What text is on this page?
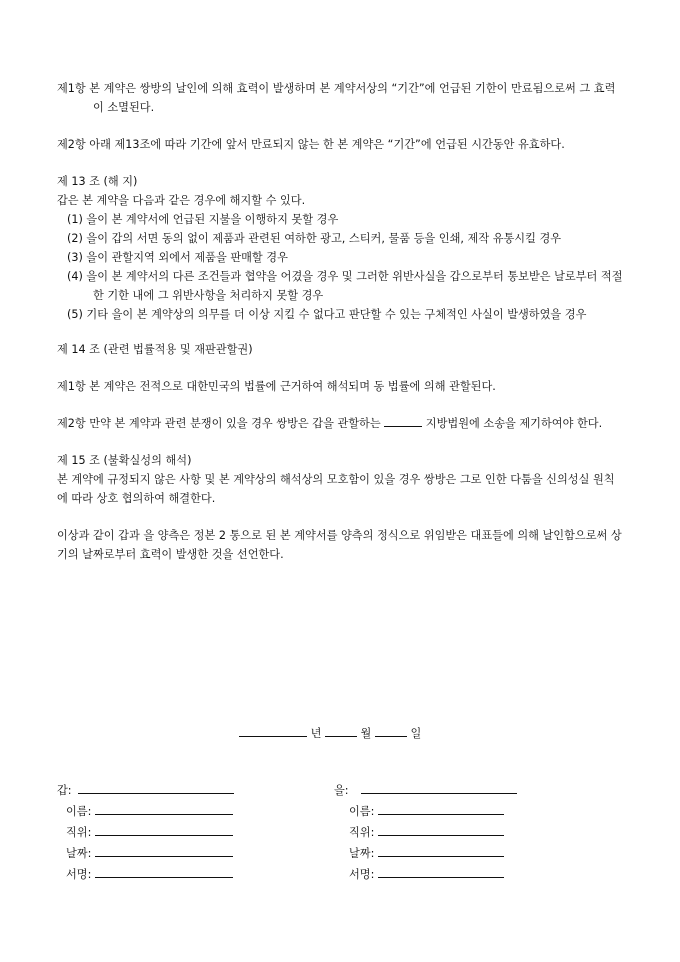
제1항 본 계약은 쌍방의 날인에 의해 효력이 발생하며 본 계약서상의 “기간”에 언급된 기한이 만료됨으로써 그 효력이 소멸된다.

제2항 아래 제13조에 따라 기간에 앞서 만료되지 않는 한 본 계약은 “기간”에 언급된 시간동안 유효하다.

제 13 조 (해 지)

갑은 본 계약을 다음과 같은 경우에 해지할 수 있다.

(1) 을이 본 계약서에 언급된 지불을 이행하지 못할 경우

(2) 을이 갑의 서면 동의 없이 제품과 관련된 여하한 광고, 스티커, 물품 등을 인쇄, 제작 유통시킬 경우

(3) 을이 관할지역 외에서 제품을 판매할 경우

(4) 을이 본 계약서의 다른 조건들과 협약을 어겼을 경우 및 그러한 위반사실을 갑으로부터 통보받은 날로부터 적절한 기한 내에 그 위반사항을 처리하지 못할 경우

(5) 기타 을이 본 계약상의 의무를 더 이상 지킬 수 없다고 판단할 수 있는 구체적인 사실이 발생하였을 경우

제 14 조 (관련 법률적용 및 재판관할권)

제1항 본 계약은 전적으로 대한민국의 법률에 근거하여 해석되며 동 법률에 의해 관할된다.

제2항 만약 본 계약과 관련 분쟁이 있을 경우 쌍방은 갑을 관할하는	지방법원에 소송을 제기하여야 한다.

제 15 조 (불확실성의 해석)

본 계약에 규정되지 않은 사항 및 본 계약상의 해석상의 모호함이 있을 경우 쌍방은 그로 인한 다툼을 신의성실 원칙에 따라 상호 협의하여 해결한다.

이상과 같이 갑과 을 양측은 정본 2 통으로 된 본 계약서를 양측의 정식으로 위임받은 대표들에 의해 날인함으로써 상기의 날짜로부터 효력이 발생한 것을 선언한다.

년	월	일
갑:
이름:
직위:
날짜:
서명:
을:
이름:
직위:
날짜:
서명:
